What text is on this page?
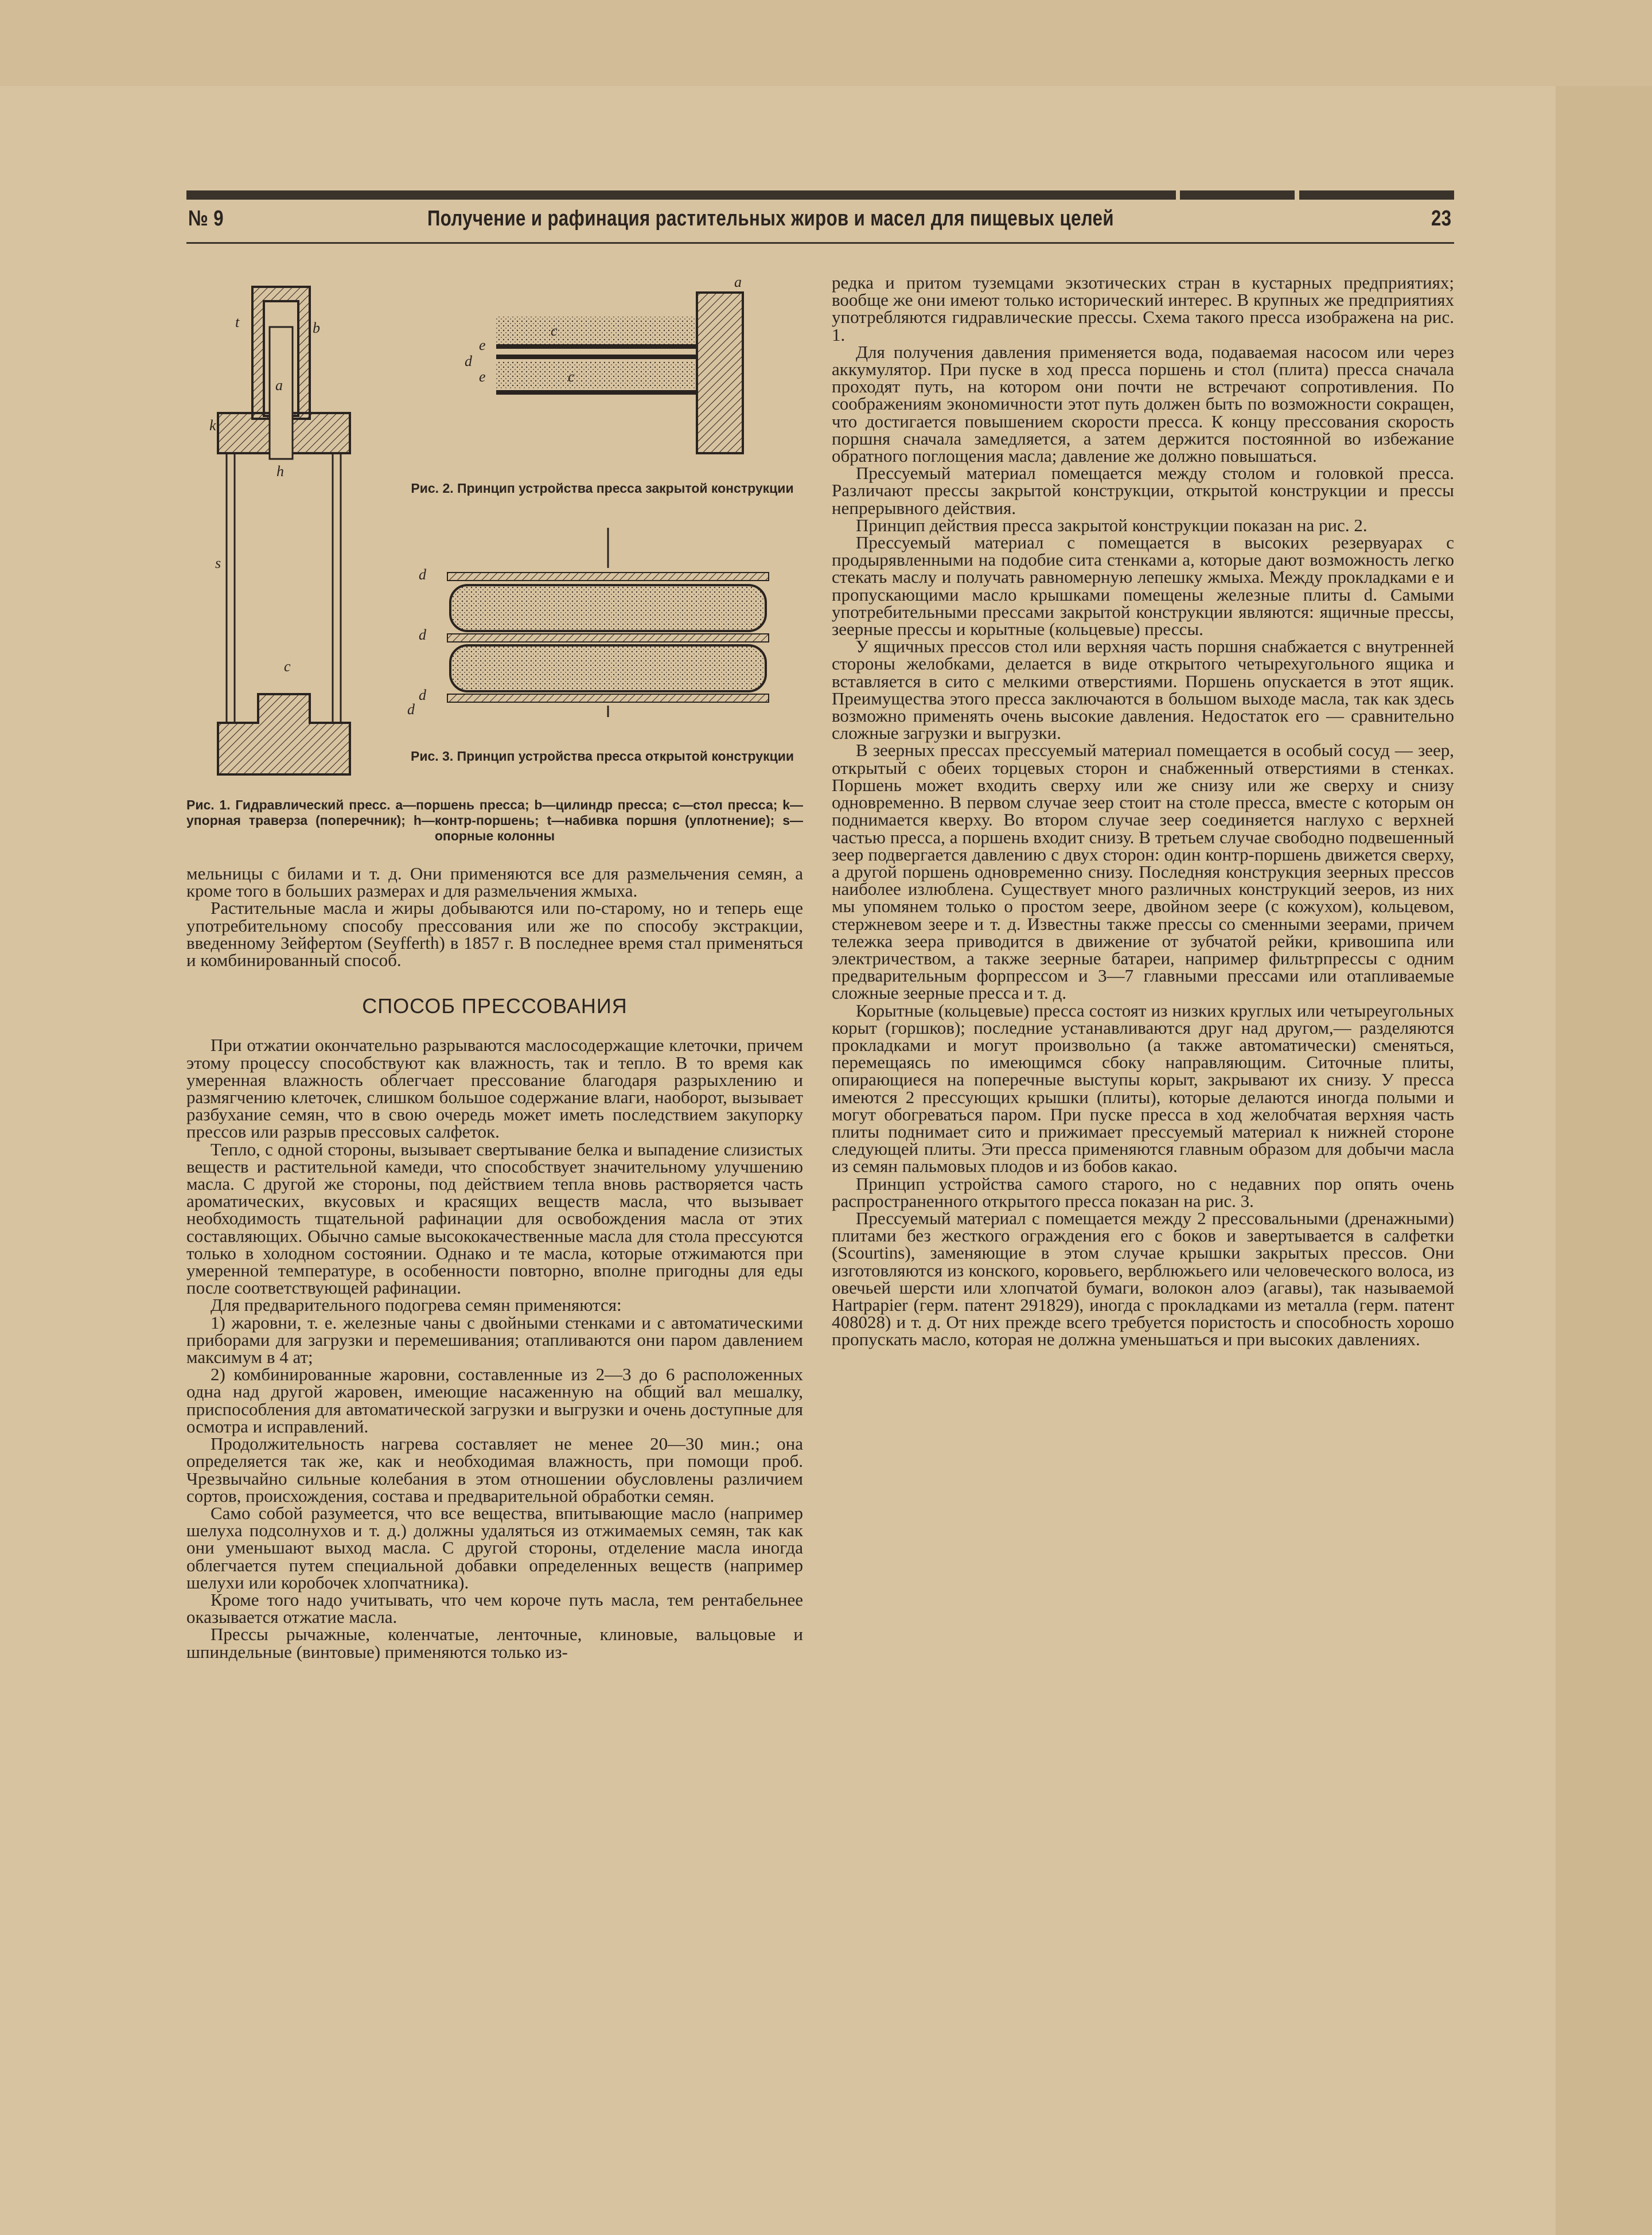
№ 9	Получение и рафинация растительных жиров и масел для пищевых целей	23
t
a
k
b
h
s
c
a
c
e
d
e	c
Рис. 2. Принцип устройства пресса закрытой конструкции
d
d
d
d
Рис. 3. Принцип устройства пресса открытой конструкции
Рис. 1. Гидравлический пресс. a—поршень пресса; b—цилиндр пресса; c—стол пресса; k—упорная траверза (поперечник); h—контр-поршень; t—набивка поршня (уплотнение); s—опорные колонны

мельницы с билами и т. д. Они применяются все для размельчения семян, а кроме того в больших размерах и для размельчения жмыха.

Растительные масла и жиры добываются или по-старому, но и теперь еще употребительному способу прессования или же по способу экстракции, введенному Зейфертом (Seyfferth) в 1857 г. В последнее время стал применяться и комбинированный способ.

СПОСОБ ПРЕССОВАНИЯ

При отжатии окончательно разрываются маслосодержащие клеточки, причем этому процессу способствуют как влажность, так и тепло. В то время как умеренная влажность облегчает прессование благодаря разрыхлению и размягчению клеточек, слишком большое содержание влаги, наоборот, вызывает разбухание семян, что в свою очередь может иметь последствием закупорку прессов или разрыв прессовых салфеток.

Тепло, с одной стороны, вызывает свертывание белка и выпадение слизистых веществ и растительной камеди, что способствует значительному улучшению масла. С другой же стороны, под действием тепла вновь растворяется часть ароматических, вкусовых и красящих веществ масла, что вызывает необходимость тщательной рафинации для освобождения масла от этих составляющих. Обычно самые высококачественные масла для стола прессуются только в холодном состоянии. Однако и те масла, которые отжимаются при умеренной температуре, в особенности повторно, вполне пригодны для еды после соответствующей рафинации.

Для предварительного подогрева семян применяются:

1) жаровни, т. е. железные чаны с двойными стенками и с автоматическими приборами для загрузки и перемешивания; отапливаются они паром давлением максимум в 4 ат;

2) комбинированные жаровни, составленные из 2—3 до 6 расположенных одна над другой жаровен, имеющие насаженную на общий вал мешалку, приспособления для автоматической загрузки и выгрузки и очень доступные для осмотра и исправлений.

Продолжительность нагрева составляет не менее 20—30 мин.; она определяется так же, как и необходимая влажность, при помощи проб. Чрезвычайно сильные колебания в этом отношении обусловлены различием сортов, происхождения, состава и предварительной обработки семян.

Само собой разумеется, что все вещества, впитывающие масло (например шелуха подсолнухов и т. д.) должны удаляться из отжимаемых семян, так как они уменьшают выход масла. С другой стороны, отделение масла иногда облегчается путем специальной добавки определенных веществ (например шелухи или коробочек хлопчатника).

Кроме того надо учитывать, что чем короче путь масла, тем рентабельнее оказывается отжатие масла.

Прессы рычажные, коленчатые, ленточные, клиновые, вальцовые и шпиндельные (винтовые) применяются только из-

редка и притом туземцами экзотических стран в кустарных предприятиях; вообще же они имеют только исторический интерес. В крупных же предприятиях употребляются гидравлические прессы. Схема такого пресса изображена на рис. 1.

Для получения давления применяется вода, подаваемая насосом или через аккумулятор. При пуске в ход пресса поршень и стол (плита) пресса сначала проходят путь, на котором они почти не встречают сопротивления. По соображениям экономичности этот путь должен быть по возможности сокращен, что достигается повышением скорости пресса. К концу прессования скорость поршня сначала замедляется, а затем держится постоянной во избежание обратного поглощения масла; давление же должно повышаться.

Прессуемый материал помещается между столом и головкой пресса. Различают прессы закрытой конструкции, открытой конструкции и прессы непрерывного действия.

Принцип действия пресса закрытой конструкции показан на рис. 2.

Прессуемый материал c помещается в высоких резервуарах с продырявленными на подобие сита стенками a, которые дают возможность легко стекать маслу и получать равномерную лепешку жмыха. Между прокладками e и пропускающими масло крышками помещены железные плиты d. Самыми употребительными прессами закрытой конструкции являются: ящичные прессы, зеерные прессы и корытные (кольцевые) прессы.

У ящичных прессов стол или верхняя часть поршня снабжается с внутренней стороны желобками, делается в виде открытого четырехугольного ящика и вставляется в сито с мелкими отверстиями. Поршень опускается в этот ящик. Преимущества этого пресса заключаются в большом выходе масла, так как здесь возможно применять очень высокие давления. Недостаток его — сравнительно сложные загрузки и выгрузки.

В зеерных прессах прессуемый материал помещается в особый сосуд — зеер, открытый с обеих торцевых сторон и снабженный отверстиями в стенках. Поршень может входить сверху или же снизу или же сверху и снизу одновременно. В первом случае зеер стоит на столе пресса, вместе с которым он поднимается кверху. Во втором случае зеер соединяется наглухо с верхней частью пресса, а поршень входит снизу. В третьем случае свободно подвешенный зеер подвергается давлению с двух сторон: один контр-поршень движется сверху, а другой поршень одновременно снизу. Последняя конструкция зеерных прессов наиболее излюблена. Существует много различных конструкций зееров, из них мы упомянем только о простом зеере, двойном зеере (с кожухом), кольцевом, стержневом зеере и т. д. Известны также прессы со сменными зеерами, причем тележка зеера приводится в движение от зубчатой рейки, кривошипа или электричеством, а также зеерные батареи, например фильтрпрессы с одним предварительным форпрессом и 3—7 главными прессами или отапливаемые сложные зеерные пресса и т. д.

Корытные (кольцевые) пресса состоят из низких круглых или четыреугольных корыт (горшков); последние устанавливаются друг над другом,— разделяются прокладками и могут произвольно (а также автоматически) сменяться, перемещаясь по имеющимся сбоку направляющим. Ситочные плиты, опирающиеся на поперечные выступы корыт, закрывают их снизу. У пресса имеются 2 прессующих крышки (плиты), которые делаются иногда полыми и могут обогреваться паром. При пуске пресса в ход желобчатая верхняя часть плиты поднимает сито и прижимает прессуемый материал к нижней стороне следующей плиты. Эти пресса применяются главным образом для добычи масла из семян пальмовых плодов и из бобов какао.

Принцип устройства самого старого, но с недавних пор опять очень распространенного открытого пресса показан на рис. 3.

Прессуемый материал c помещается между 2 прессовальными (дренажными) плитами без жесткого ограждения его с боков и завертывается в салфетки (Scourtins), заменяющие в этом случае крышки закрытых прессов. Они изготовляются из конского, коровьего, верблюжьего или человеческого волоса, из овечьей шерсти или хлопчатой бумаги, волокон алоэ (агавы), так называемой Hartpapier (герм. патент 291829), иногда с прокладками из металла (герм. патент 408028) и т. д. От них прежде всего требуется пористость и способность хорошо пропускать масло, которая не должна уменьшаться и при высоких давлениях.
